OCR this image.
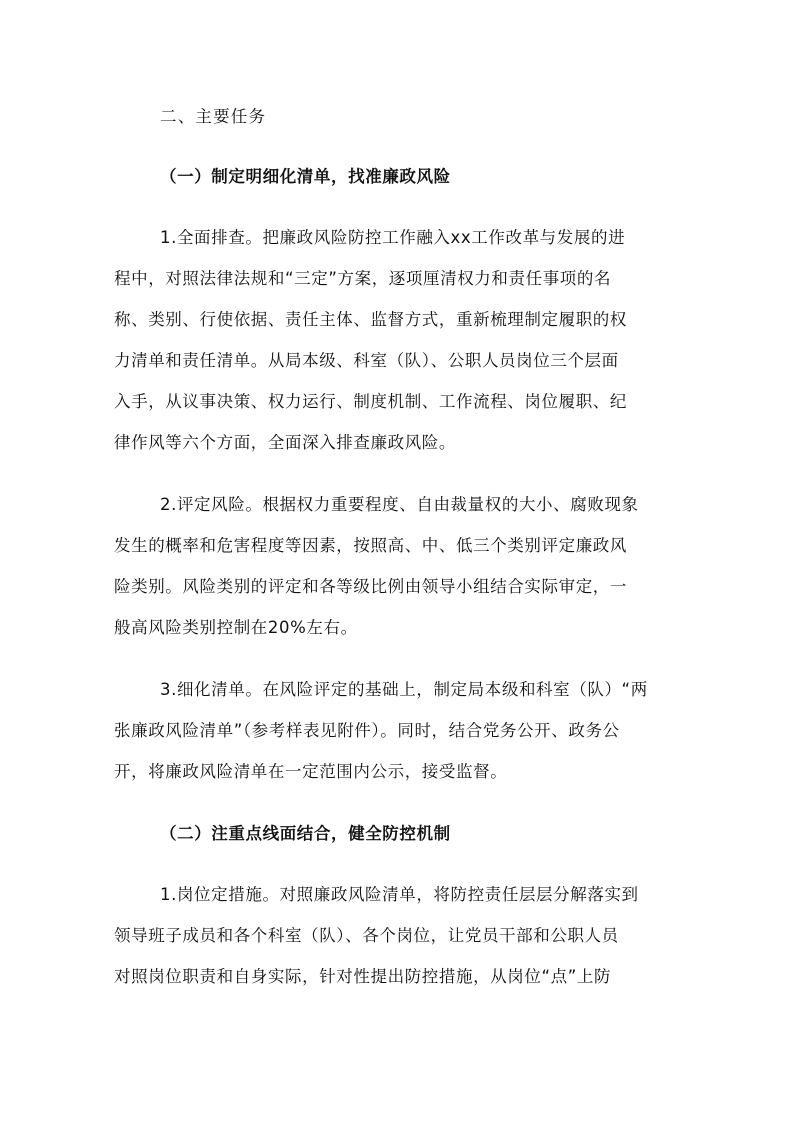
二、主要任务
（一）制定明细化清单，找准廉政风险
1.全面排查。把廉政风险防控工作融入xx工作改革与发展的进
程中，对照法律法规和“三定”方案，逐项厘清权力和责任事项的名
称、类别、行使依据、责任主体、监督方式，重新梳理制定履职的权
力清单和责任清单。从局本级、科室（队）、公职人员岗位三个层面
入手，从议事决策、权力运行、制度机制、工作流程、岗位履职、纪
律作风等六个方面，全面深入排查廉政风险。
2.评定风险。根据权力重要程度、自由裁量权的大小、腐败现象
发生的概率和危害程度等因素，按照高、中、低三个类别评定廉政风
险类别。风险类别的评定和各等级比例由领导小组结合实际审定，一
般高风险类别控制在20%左右。
3.细化清单。在风险评定的基础上，制定局本级和科室（队）“两
张廉政风险清单”（参考样表见附件）。同时，结合党务公开、政务公
开，将廉政风险清单在一定范围内公示，接受监督。
（二）注重点线面结合，健全防控机制
1.岗位定措施。对照廉政风险清单，将防控责任层层分解落实到
领导班子成员和各个科室（队）、各个岗位，让党员干部和公职人员
对照岗位职责和自身实际，针对性提出防控措施，从岗位“点”上防
